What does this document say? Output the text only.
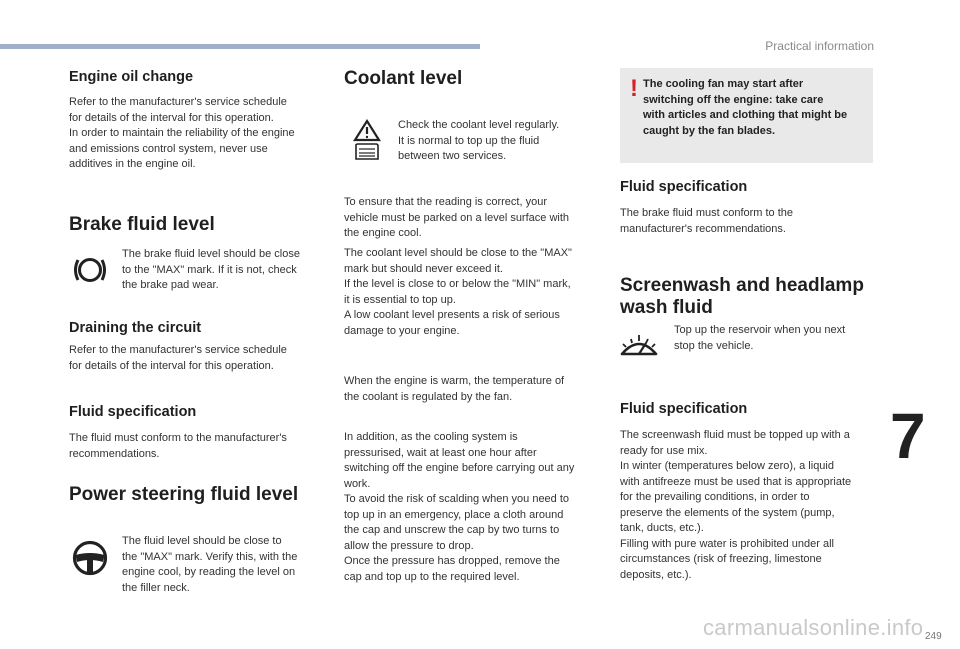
Practical information
7
249
carmanualsonline.info
Engine oil change

Refer to the manufacturer's service schedule
for details of the interval for this operation.
In order to maintain the reliability of the engine
and emissions control system, never use
additives in the engine oil.

Brake fluid level

The brake fluid level should be close
to the "MAX" mark. If it is not, check
the brake pad wear.

Draining the circuit

Refer to the manufacturer's service schedule
for details of the interval for this operation.

Fluid specification

The fluid must conform to the manufacturer's
recommendations.

Power steering fluid level

The fluid level should be close to
the "MAX" mark. Verify this, with the
engine cool, by reading the level on
the filler neck.

Coolant level

Check the coolant level regularly.
It is normal to top up the fluid
between two services.

To ensure that the reading is correct, your
vehicle must be parked on a level surface with
the engine cool.

The coolant level should be close to the "MAX"
mark but should never exceed it.
If the level is close to or below the "MIN" mark,
it is essential to top up.
A low coolant level presents a risk of serious
damage to your engine.

When the engine is warm, the temperature of
the coolant is regulated by the fan.

In addition, as the cooling system is
pressurised, wait at least one hour after
switching off the engine before carrying out any
work.
To avoid the risk of scalding when you need to
top up in an emergency, place a cloth around
the cap and unscrew the cap by two turns to
allow the pressure to drop.
Once the pressure has dropped, remove the
cap and top up to the required level.

! The cooling fan may start after
switching off the engine: take care
with articles and clothing that might be
caught by the fan blades.
Fluid specification

The brake fluid must conform to the
manufacturer's recommendations.

Screenwash and headlamp
wash fluid

Top up the reservoir when you next
stop the vehicle.

Fluid specification

The screenwash fluid must be topped up with a
ready for use mix.
In winter (temperatures below zero), a liquid
with antifreeze must be used that is appropriate
for the prevailing conditions, in order to
preserve the elements of the system (pump,
tank, ducts, etc.).
Filling with pure water is prohibited under all
circumstances (risk of freezing, limestone
deposits, etc.).
